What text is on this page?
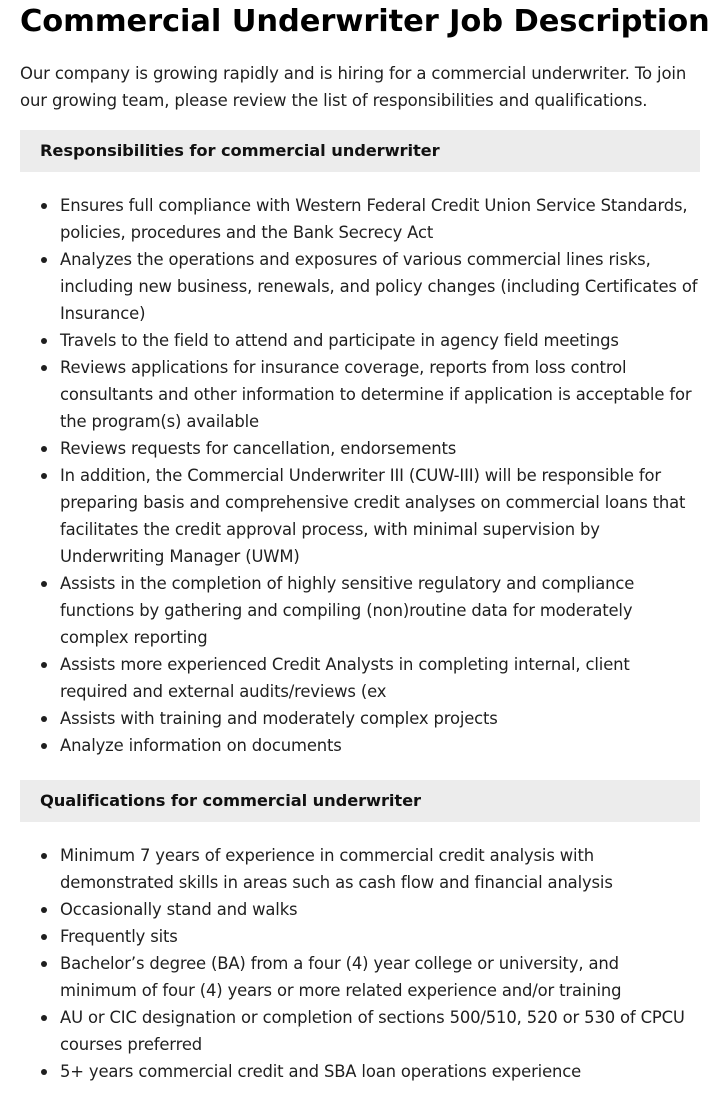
Commercial Underwriter Job Description

Our company is growing rapidly and is hiring for a commercial underwriter. To join our growing team, please review the list of responsibilities and qualifications.

Responsibilities for commercial underwriter
Ensures full compliance with Western Federal Credit Union Service Standards, policies, procedures and the Bank Secrecy Act
Analyzes the operations and exposures of various commercial lines risks, including new business, renewals, and policy changes (including Certificates of Insurance)
Travels to the field to attend and participate in agency field meetings
Reviews applications for insurance coverage, reports from loss control consultants and other information to determine if application is acceptable for the program(s) available
Reviews requests for cancellation, endorsements
In addition, the Commercial Underwriter III (CUW-III) will be responsible for preparing basis and comprehensive credit analyses on commercial loans that facilitates the credit approval process, with minimal supervision by Underwriting Manager (UWM)
Assists in the completion of highly sensitive regulatory and compliance functions by gathering and compiling (non)routine data for moderately complex reporting
Assists more experienced Credit Analysts in completing internal, client required and external audits/reviews (ex
Assists with training and moderately complex projects
Analyze information on documents
Qualifications for commercial underwriter
Minimum 7 years of experience in commercial credit analysis with demonstrated skills in areas such as cash flow and financial analysis
Occasionally stand and walks
Frequently sits
Bachelor’s degree (BA) from a four (4) year college or university, and minimum of four (4) years or more related experience and/or training
AU or CIC designation or completion of sections 500/510, 520 or 530 of CPCU courses preferred
5+ years commercial credit and SBA loan operations experience
